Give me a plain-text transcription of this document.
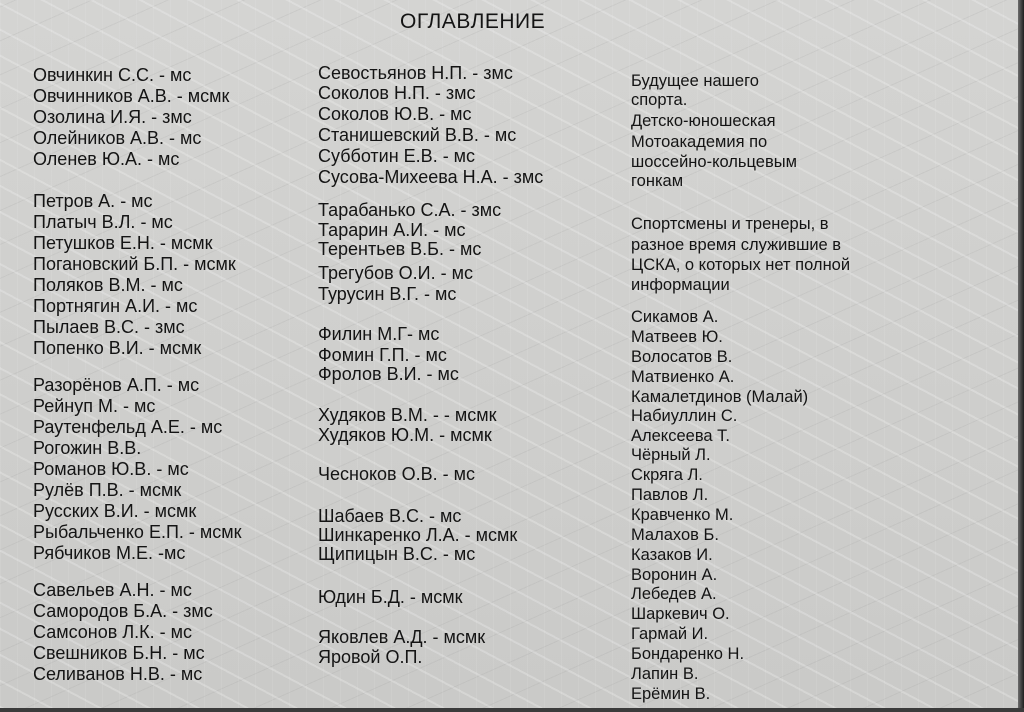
ОГЛАВЛЕНИЕ
Овчинкин С.С. - мс
Овчинников А.В. - мсмк
Озолина И.Я. - змс
Олейников А.В. - мс
Оленев Ю.А. - мс
Петров А. - мс
Платыч В.Л. - мс
Петушков Е.Н. - мсмк
Погановский Б.П. - мсмк
Поляков В.М. - мс
Портнягин А.И. - мс
Пылаев В.С. - змс
Попенко В.И. - мсмк
Разорёнов А.П. - мс
Рейнуп М. - мс
Раутенфельд А.Е. - мс
Рогожин В.В.
Романов Ю.В. - мс
Рулёв П.В. - мсмк
Русских В.И. - мсмк
Рыбальченко Е.П. - мсмк
Рябчиков М.Е. -мс
Савельев А.Н. - мс
Самородов Б.А. - змс
Самсонов Л.К. - мс
Свешников Б.Н. - мс
Селиванов Н.В. - мс
Севостьянов Н.П. - змс
Соколов Н.П. - змс
Соколов Ю.В. - мс
Станишевский В.В. - мс
Субботин Е.В. - мс
Сусова-Михеева Н.А. - змс
Тарабанько С.А. - змс
Тарарин А.И. - мс
Терентьев В.Б. - мс
Трегубов О.И. - мс
Турусин В.Г. - мс
Филин М.Г- мс
Фомин Г.П. - мс
Фролов В.И. - мс
Худяков В.М. - - мсмк
Худяков Ю.М. - мсмк
Чесноков О.В. - мс
Шабаев В.С. - мс
Шинкаренко Л.А. - мсмк
Щипицын В.С. - мс
Юдин Б.Д. - мсмк
Яковлев А.Д. - мсмк
Яровой О.П.
Будущее нашего
спорта.
Детско-юношеская
Мотоакадемия по
шоссейно-кольцевым
гонкам
Спортсмены и тренеры, в
разное время служившие в
ЦСКА, о которых нет полной
информации
Сикамов А.
Матвеев Ю.
Волосатов В.
Матвиенко А.
Камалетдинов (Малай)
Набиуллин С.
Алексеева Т.
Чёрный Л.
Скряга Л.
Павлов Л.
Кравченко М.
Малахов Б.
Казаков И.
Воронин А.
Лебедев А.
Шаркевич О.
Гармай И.
Бондаренко Н.
Лапин В.
Ерёмин В.
